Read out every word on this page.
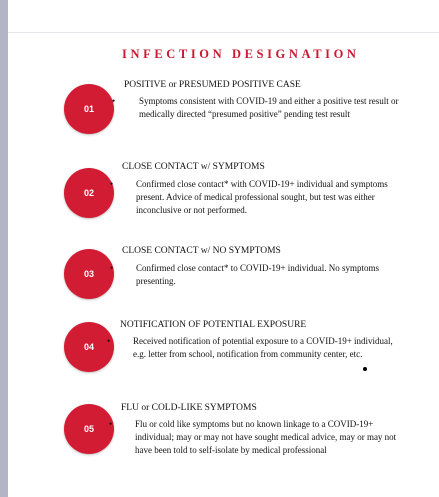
INFECTION DESIGNATION
01
POSITIVE or PRESUMED POSITIVE CASE
•	Symptoms consistent with COVID-19 and either a positive test result or medically directed “presumed positive” pending test result
02
CLOSE CONTACT w/ SYMPTOMS
•	Confirmed close contact* with COVID-19+ individual and symptoms present. Advice of medical professional sought, but test was either inconclusive or not performed.
03
CLOSE CONTACT w/ NO SYMPTOMS
•	Confirmed close contact* to COVID-19+ individual. No symptoms presenting.
04
NOTIFICATION OF POTENTIAL EXPOSURE
•	Received notification of potential exposure to a COVID-19+ individual, e.g. letter from school, notification from community center, etc.
05
FLU or COLD-LIKE SYMPTOMS
•	Flu or cold like symptoms but no known linkage to a COVID-19+ individual; may or may not have sought medical advice, may or may not have been told to self-isolate by medical professional
